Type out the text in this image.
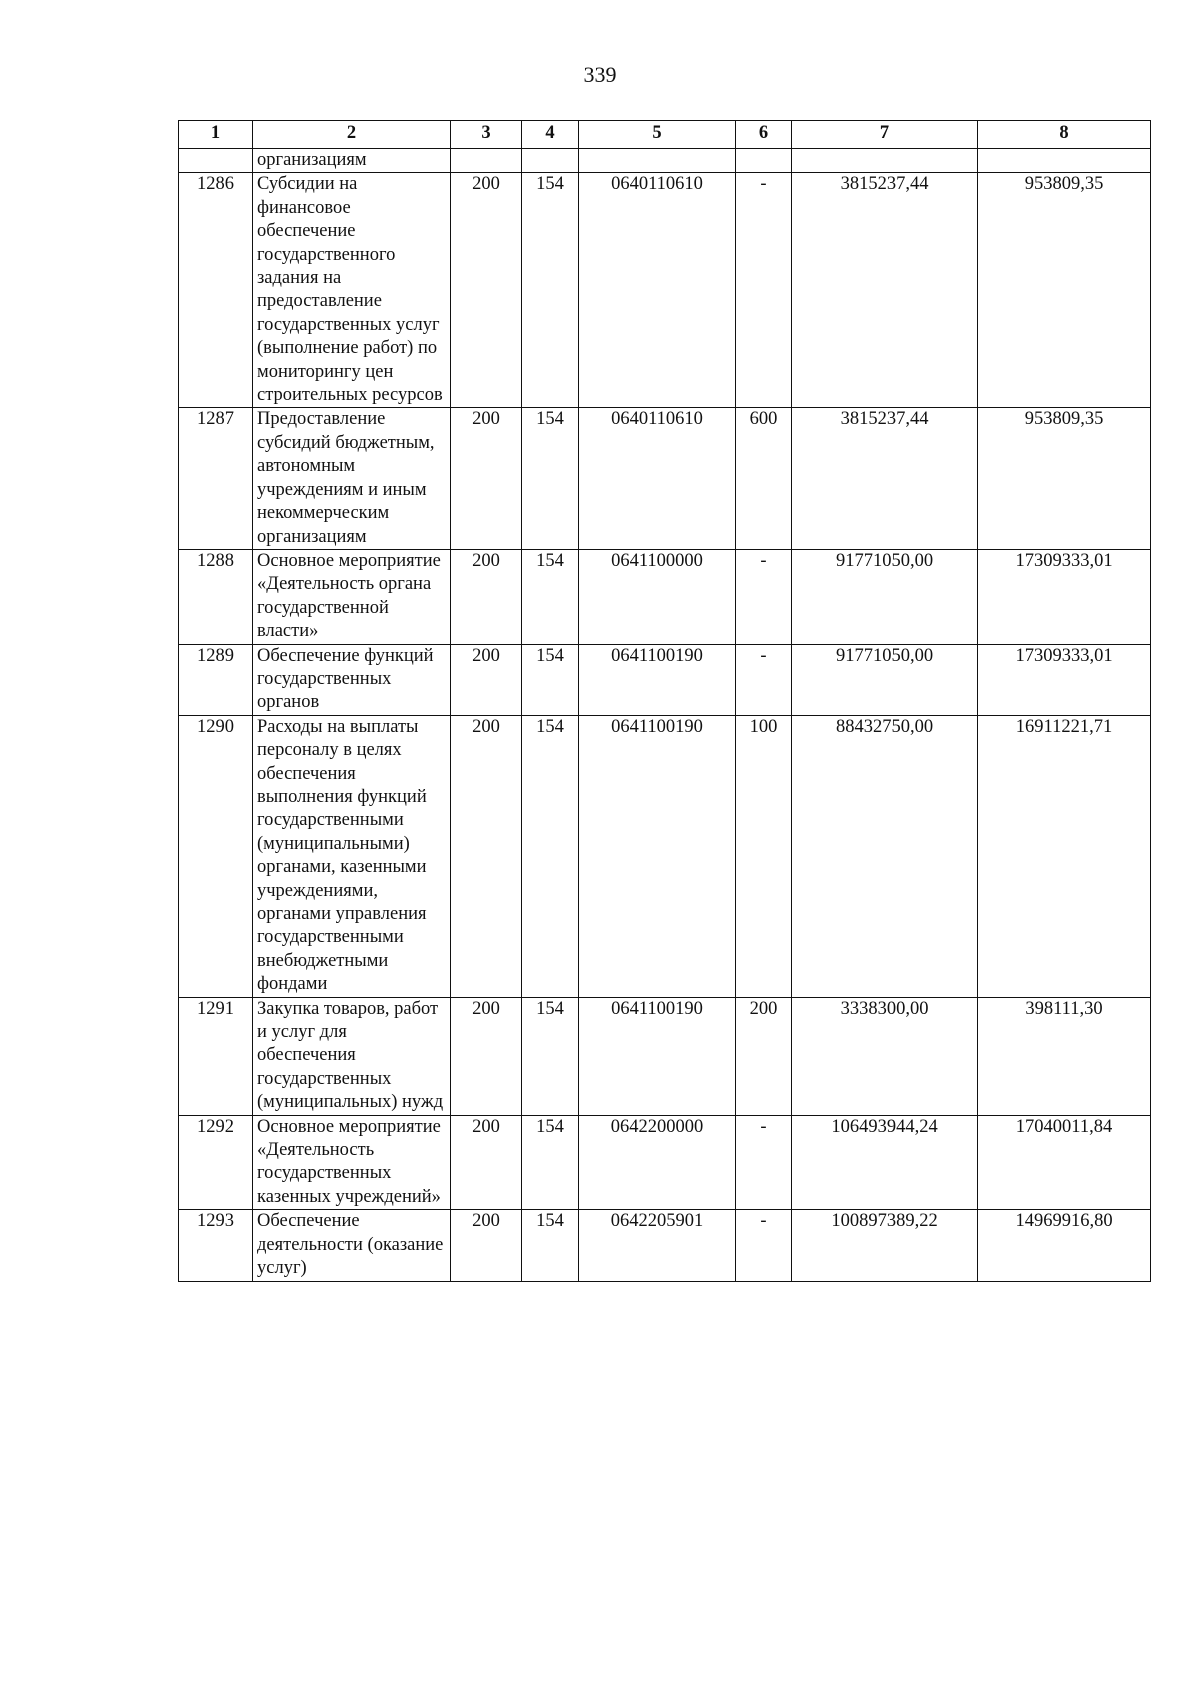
339
1	2	3	4	5	6	7	8
	организациям						
1286	Субсидии на финансовое обеспечение государственного задания на предоставление государственных услуг (выполнение работ) по мониторингу цен строительных ресурсов	200	154	0640110610	-	3815237,44	953809,35
1287	Предоставление субсидий бюджетным, автономным учреждениям и иным некоммерческим организациям	200	154	0640110610	600	3815237,44	953809,35
1288	Основное мероприятие «Деятельность органа государственной власти»	200	154	0641100000	-	91771050,00	17309333,01
1289	Обеспечение функций государственных органов	200	154	0641100190	-	91771050,00	17309333,01
1290	Расходы на выплаты персоналу в целях обеспечения выполнения функций государственными (муниципальными) органами, казенными учреждениями, органами управления государственными внебюджетными фондами	200	154	0641100190	100	88432750,00	16911221,71
1291	Закупка товаров, работ и услуг для обеспечения государственных (муниципальных) нужд	200	154	0641100190	200	3338300,00	398111,30
1292	Основное мероприятие «Деятельность государственных казенных учреждений»	200	154	0642200000	-	106493944,24	17040011,84
1293	Обеспечение деятельности (оказание услуг)	200	154	0642205901	-	100897389,22	14969916,80
